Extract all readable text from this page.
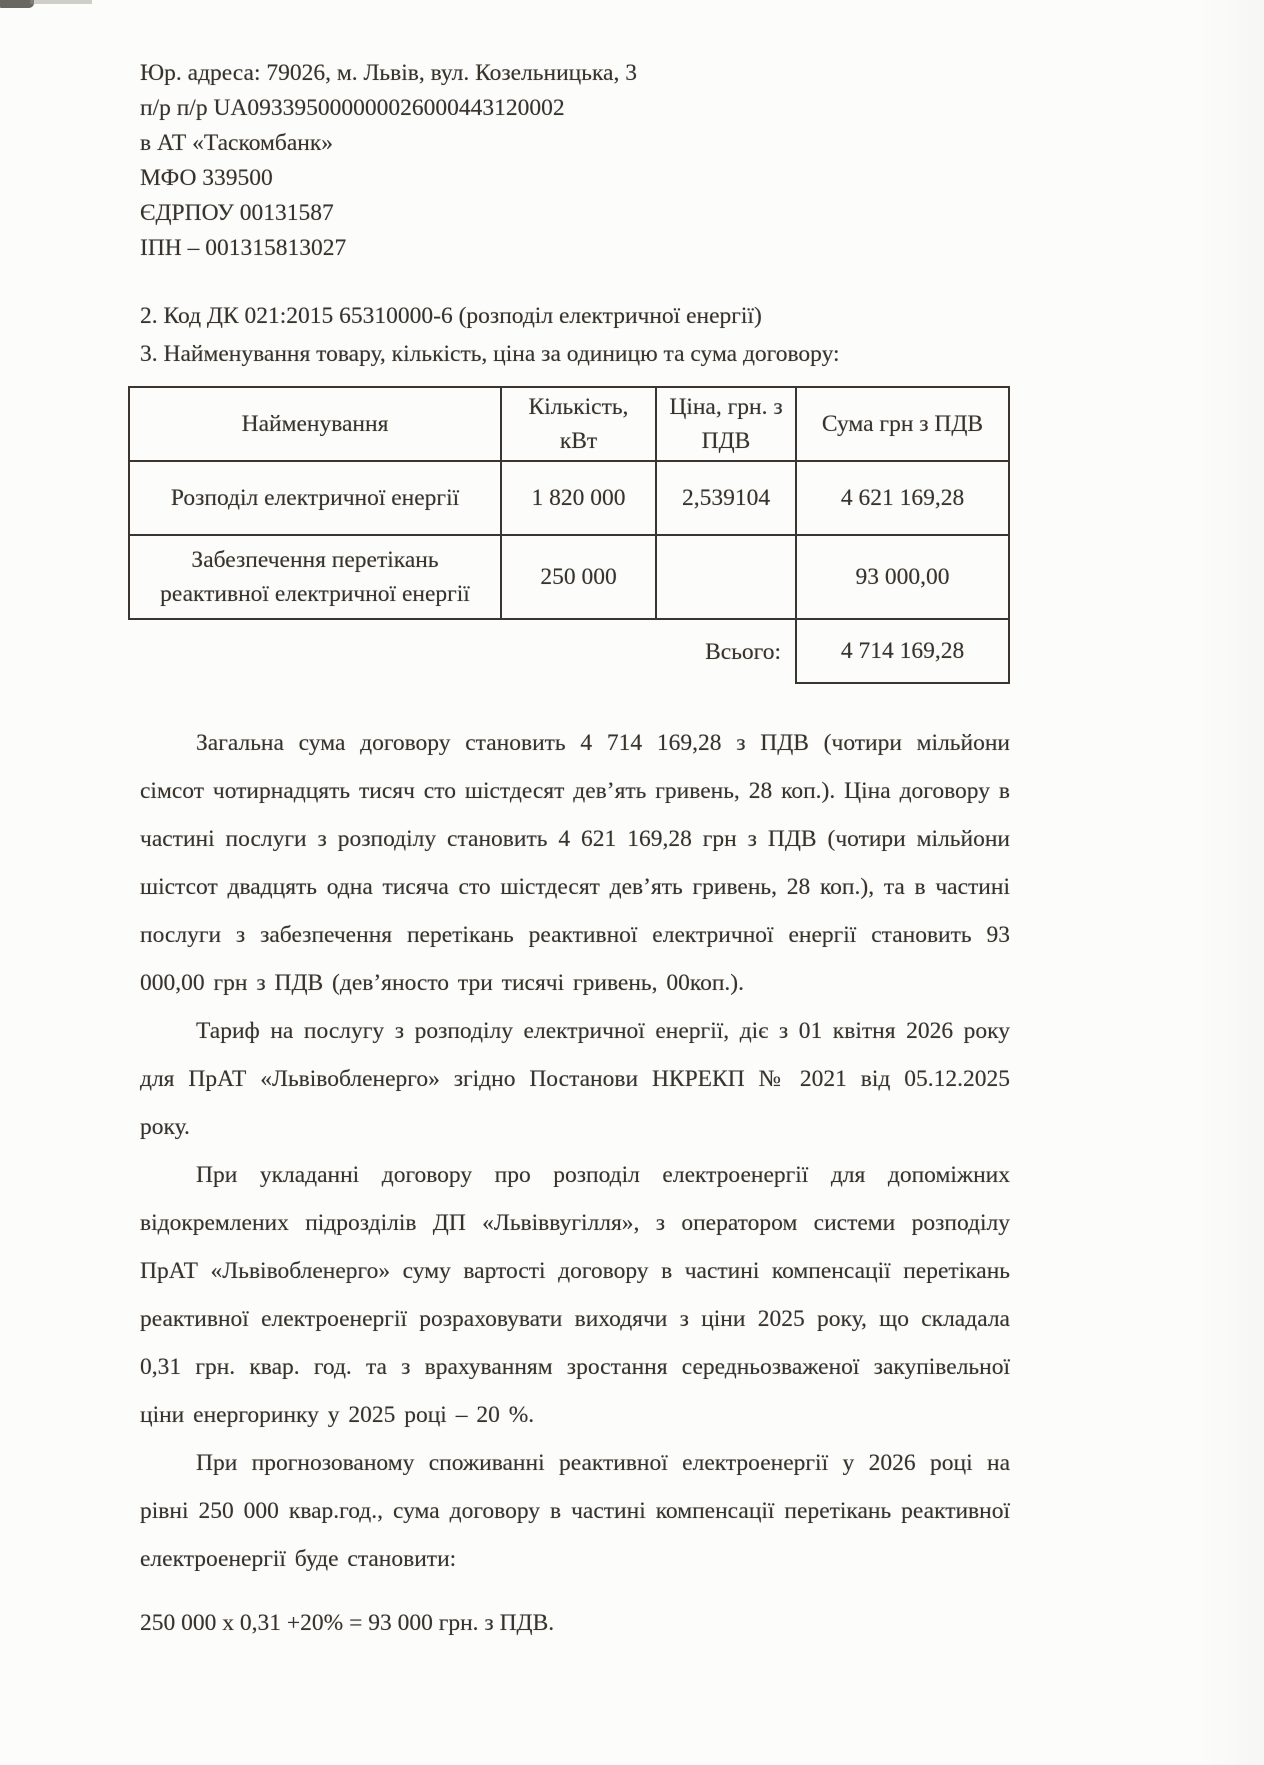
Юр. адреса: 79026, м. Львів, вул. Козельницька, 3
п/р п/р UA093395000000026000443120002
в АТ «Таскомбанк»
МФО 339500
ЄДРПОУ 00131587
ІПН – 001315813027
2. Код ДК 021:2015 65310000-6 (розподіл електричної енергії)
3. Найменування товару, кількість, ціна за одиницю та сума договору:
Найменування	Кількість, кВт	Ціна, грн. з ПДВ	Сума грн з ПДВ
Розподіл електричної енергії	1 820 000	2,539104	4 621 169,28
Забезпечення перетікань реактивної електричної енергії	250 000		93 000,00
Всього:			4 714 169,28

Загальна сума договору становить 4 714 169,28 з ПДВ (чотири мільйони сімсот чотирнадцять тисяч сто шістдесят дев’ять гривень, 28 коп.). Ціна договору в частині послуги з розподілу становить 4 621 169,28 грн з ПДВ (чотири мільйони шістсот двадцять одна тисяча сто шістдесят дев’ять гривень, 28 коп.), та в частині послуги з забезпечення перетікань реактивної електричної енергії становить 93 000,00 грн з ПДВ (дев’яносто три тисячі гривень, 00коп.).

Тариф на послугу з розподілу електричної енергії, діє з 01 квітня 2026 року для ПрАТ «Львівобленерго» згідно Постанови НКРЕКП № 2021 від 05.12.2025 року.

При укладанні договору про розподіл електроенергії для допоміжних відокремлених підрозділів ДП «Львіввугілля», з оператором системи розподілу ПрАТ «Львівобленерго» суму вартості договору в частині компенсації перетікань реактивної електроенергії розраховувати виходячи з ціни 2025 року, що складала 0,31 грн. квар. год. та з врахуванням зростання середньозваженої закупівельної ціни енергоринку у 2025 році – 20 %.

При прогнозованому споживанні реактивної електроенергії у 2026 році на рівні 250 000 квар.год., сума договору в частині компенсації перетікань реактивної електроенергії буде становити:

250 000 х 0,31 +20% = 93 000 грн. з ПДВ.
